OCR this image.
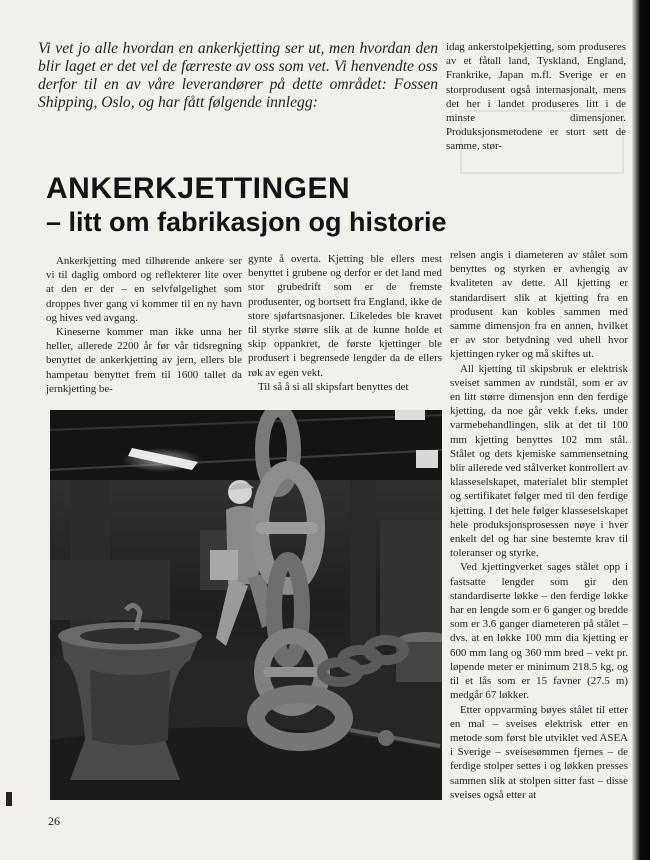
Vi vet jo alle hvordan en ankerkjetting ser ut, men hvordan den blir laget er det vel de færreste av oss som vet. Vi henvendte oss derfor til en av våre leverandører på dette området: Fossen Shipping, Oslo, og har fått følgende innlegg:

idag ankerstolpekjetting, som produseres av et fåtall land, Tyskland, England, Frankrike, Japan m.fl. Sverige er en storprodusent også internasjonalt, mens det her i landet produseres litt i de minste dimensjoner. Produksjonsmetodene er stort sett de samme, stør-

ANKERKJETTINGEN
– litt om fabrikasjon og historie

Ankerkjetting med tilhørende ankere ser vi til daglig ombord og reflekterer lite over at den er der – en selvfølgelighet som droppes hver gang vi kommer til en ny havn og hives ved avgang.

Kineserne kommer man ikke unna her heller, allerede 2200 år før vår tidsregning benyttet de ankerkjetting av jern, ellers ble hampetau benyttet frem til 1600 tallet da jernkjetting be-

gynte å overta. Kjetting ble ellers mest benyttet i grubene og derfor er det land med stor grubedrift som er de fremste produsenter, og bortsett fra England, ikke de store sjøfartsnasjoner. Likeledes ble kravet til styrke større slik at de kunne holde et skip oppankret, de første kjettinger ble produsert i begrensede lengder da de ellers røk av egen vekt.

Til så å si all skipsfart benyttes det

relsen angis i diameteren av stålet som benyttes og styrken er avhengig av kvaliteten av dette. All kjetting er standardisert slik at kjetting fra en produsent kan kobles sammen med samme dimensjon fra en annen, hvilket er av stor betydning ved uhell hvor kjettingen ryker og må skiftes ut.

All kjetting til skipsbruk er elektrisk sveiset sammen av rundstål, som er av en litt større dimensjon enn den ferdige kjetting, da noe går vekk f.eks. under varmebehandlingen, slik at det til 100 mm kjetting benyttes 102 mm stål. Stålet og dets kjemiske sammensetning blir allerede ved stålverket kontrollert av klasseselskapet, materialet blir stemplet og sertifikatet følger med til den ferdige kjetting. I det hele følger klasseselskapet hele produksjonsprosessen nøye i hver enkelt del og har sine bestemte krav til toleranser og styrke.

Ved kjettingverket sages stålet opp i fastsatte lengder som gir den standardiserte løkke – den ferdige løkke har en lengde som er 6 ganger og bredde som er 3.6 ganger diameteren på stålet – dvs. at en løkke 100 mm dia kjetting er 600 mm lang og 360 mm bred – vekt pr. løpende meter er minimum 218.5 kg, og til et lås som er 15 favner (27.5 m) medgår 67 løkker.

Etter oppvarming bøyes stålet til etter en mal – sveises elektrisk etter en metode som først ble utviklet ved ASEA i Sverige – sveisesømmen fjernes – de ferdige stolper settes i og løkken presses sammen slik at stolpen sitter fast – disse sveises også etter at

26
